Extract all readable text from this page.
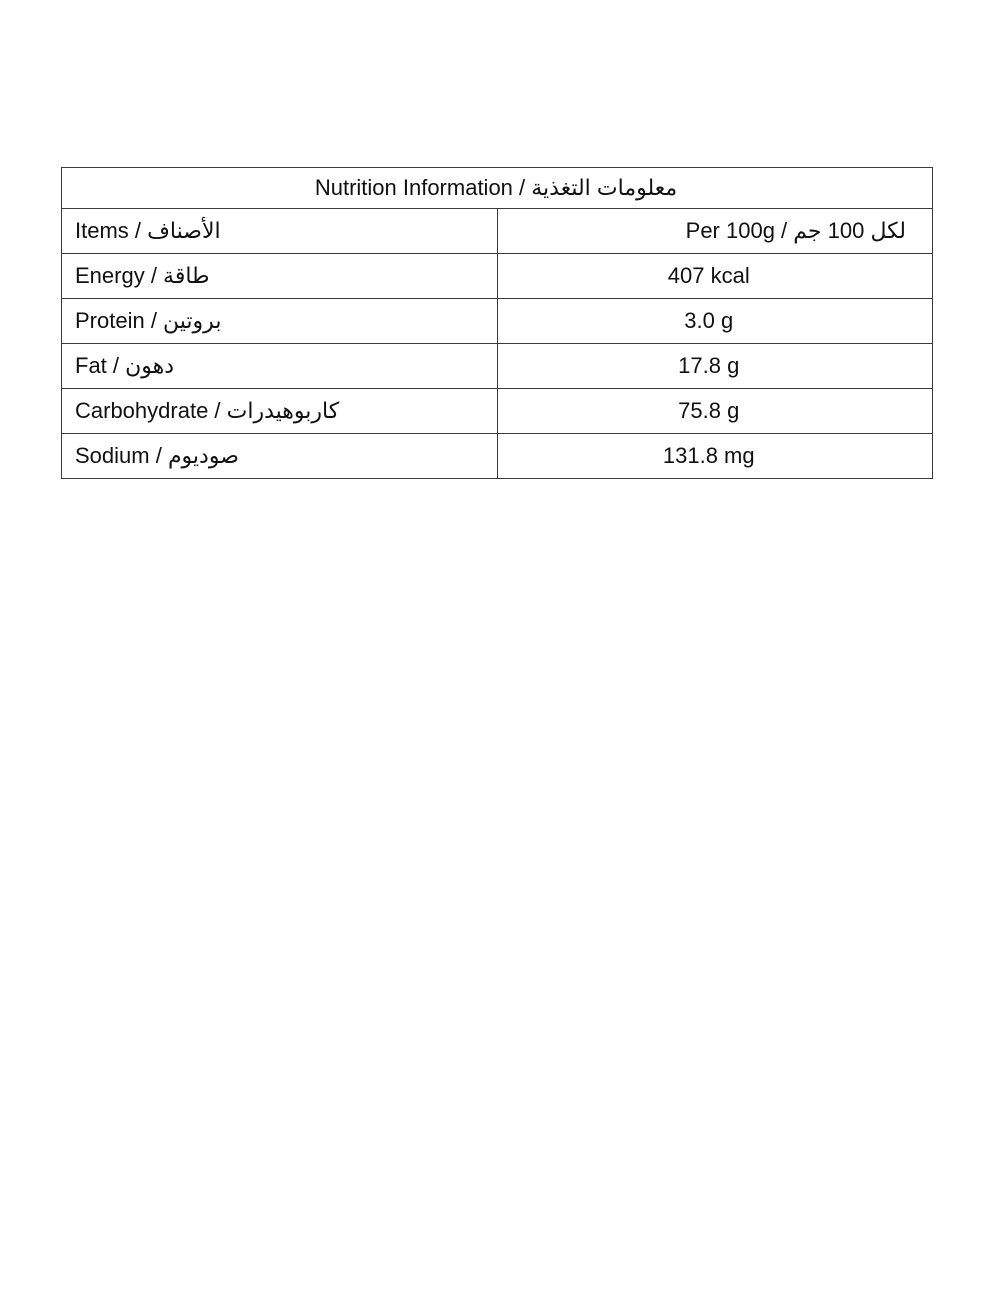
Nutrition Information / معلومات التغذية	
Items / الأصناف	Per 100g / لكل 100 جم
Energy / طاقة	407 kcal
Protein / بروتين	3.0 g
Fat / دهون	17.8 g
Carbohydrate / كاربوهيدرات	75.8 g
Sodium / صوديوم	131.8 mg
